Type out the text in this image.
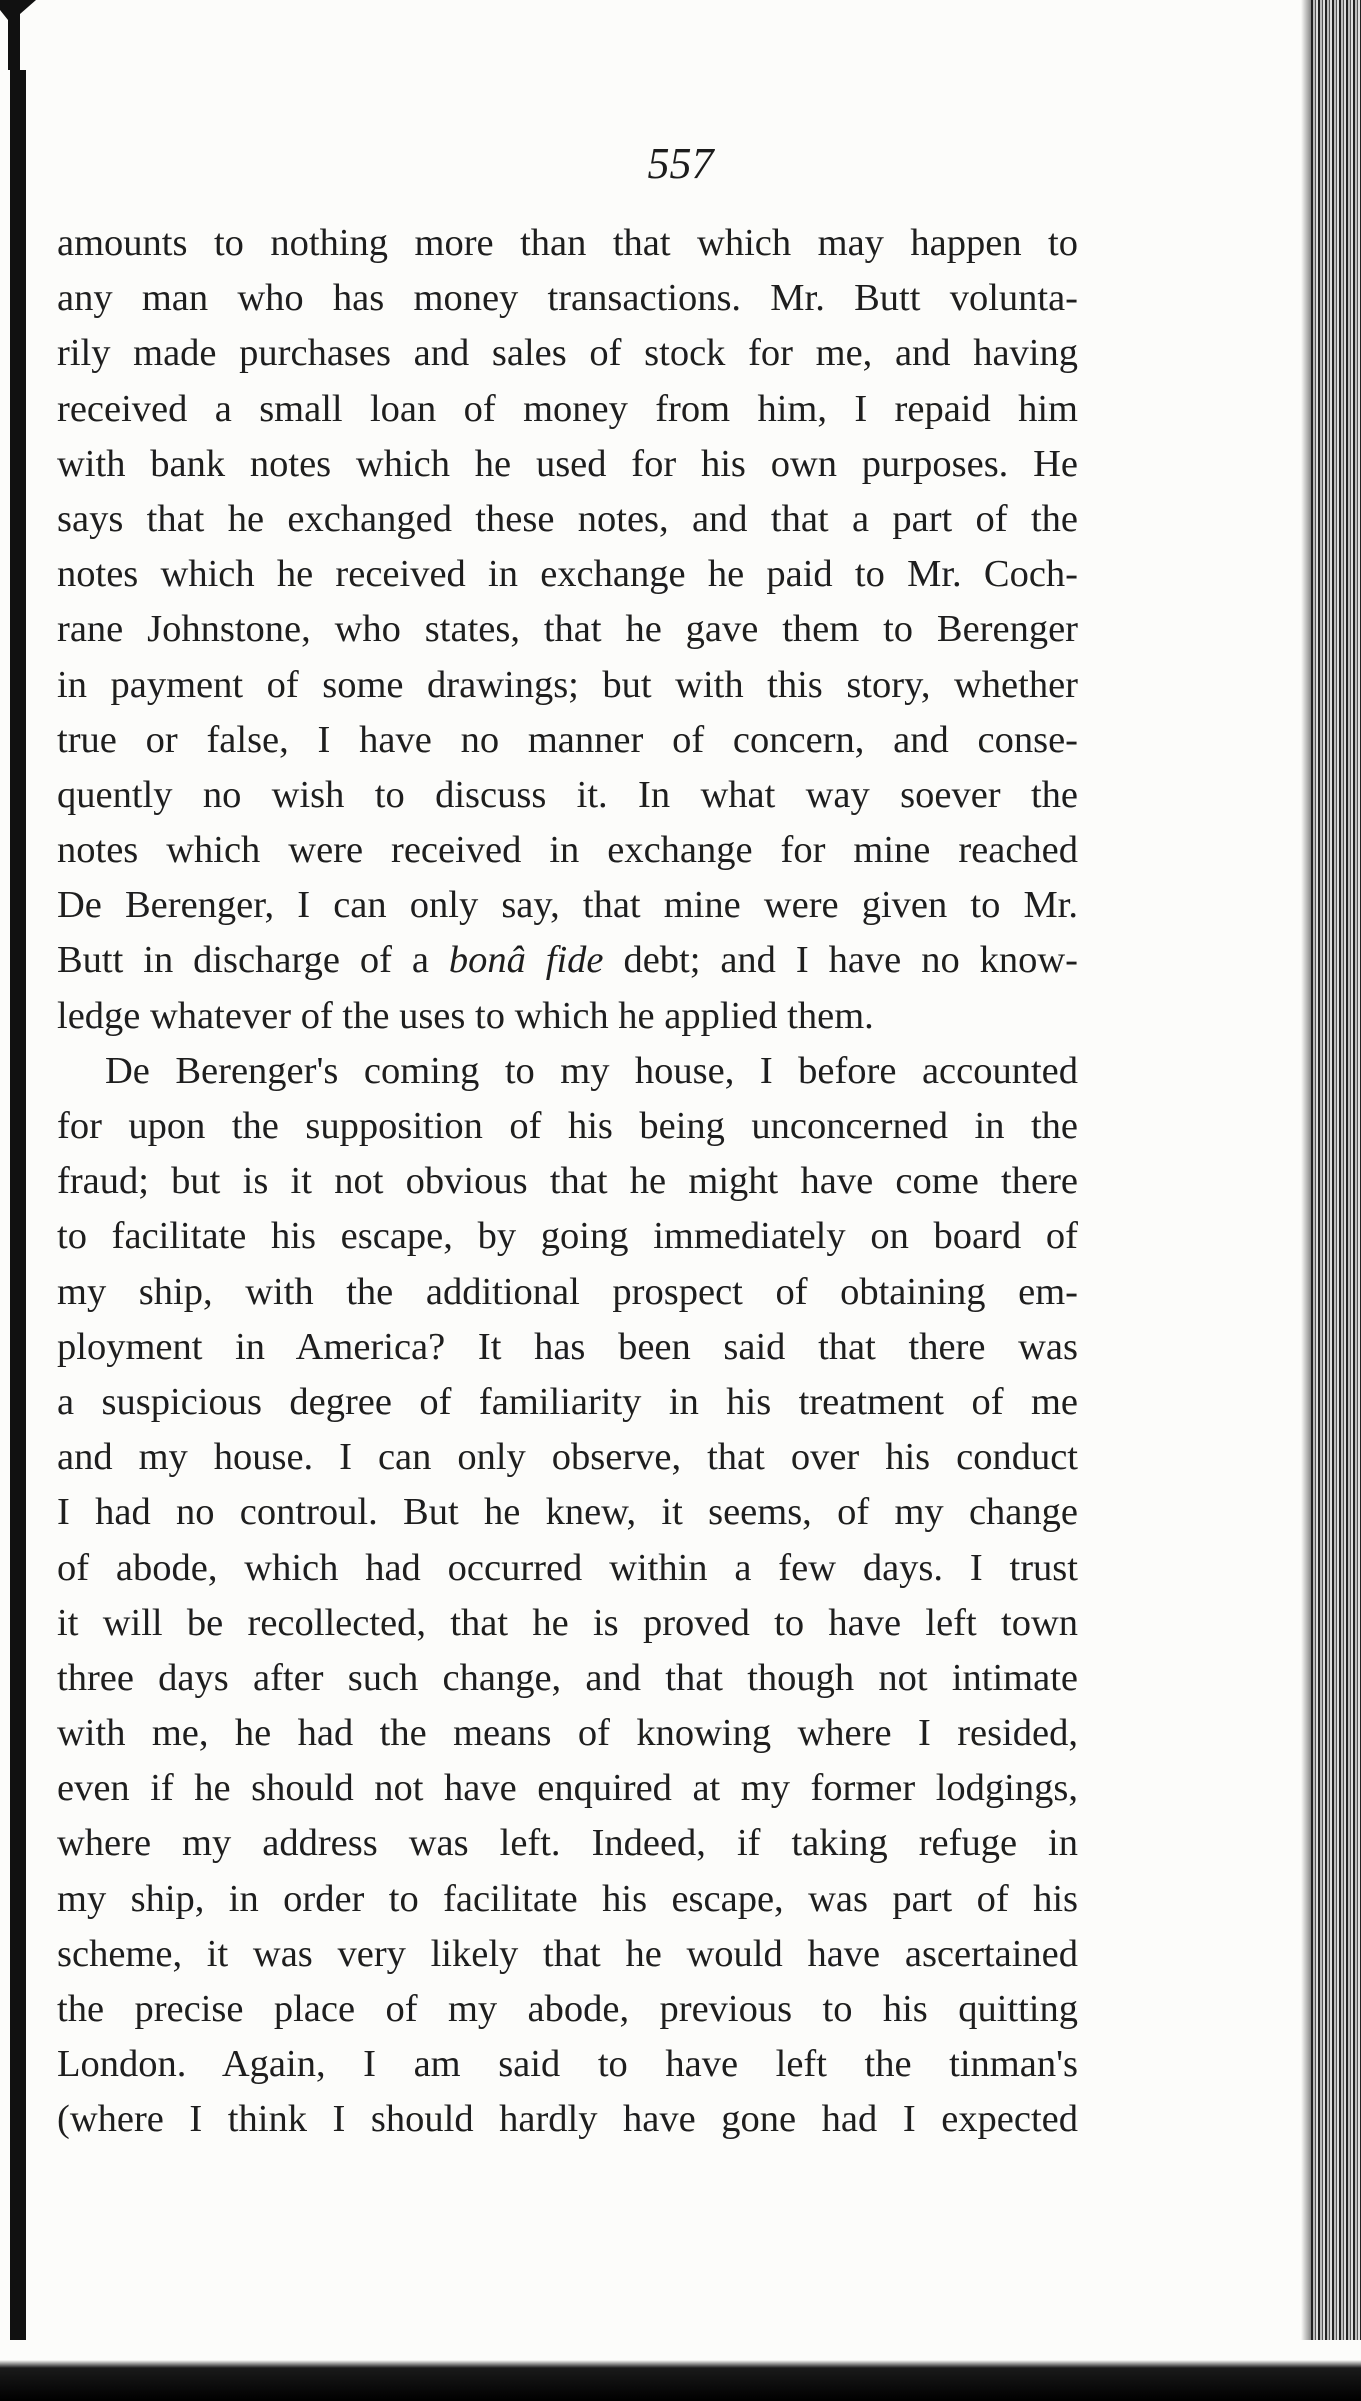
557
amounts to nothing more than that which may happen to
any man who has money transactions. Mr. Butt volunta-
rily made purchases and sales of stock for me, and having
received a small loan of money from him, I repaid him
with bank notes which he used for his own purposes. He
says that he exchanged these notes, and that a part of the
notes which he received in exchange he paid to Mr. Coch-
rane Johnstone, who states, that he gave them to Berenger
in payment of some drawings; but with this story, whether
true or false, I have no manner of concern, and conse-
quently no wish to discuss it. In what way soever the
notes which were received in exchange for mine reached
De Berenger, I can only say, that mine were given to Mr.
Butt in discharge of a bonâ fide debt; and I have no know-
ledge whatever of the uses to which he applied them.
De Berenger's coming to my house, I before accounted
for upon the supposition of his being unconcerned in the
fraud; but is it not obvious that he might have come there
to facilitate his escape, by going immediately on board of
my ship, with the additional prospect of obtaining em-
ployment in America? It has been said that there was
a suspicious degree of familiarity in his treatment of me
and my house. I can only observe, that over his conduct
I had no controul. But he knew, it seems, of my change
of abode, which had occurred within a few days. I trust
it will be recollected, that he is proved to have left town
three days after such change, and that though not intimate
with me, he had the means of knowing where I resided,
even if he should not have enquired at my former lodgings,
where my address was left. Indeed, if taking refuge in
my ship, in order to facilitate his escape, was part of his
scheme, it was very likely that he would have ascertained
the precise place of my abode, previous to his quitting
London. Again, I am said to have left the tinman's
(where I think I should hardly have gone had I expected
